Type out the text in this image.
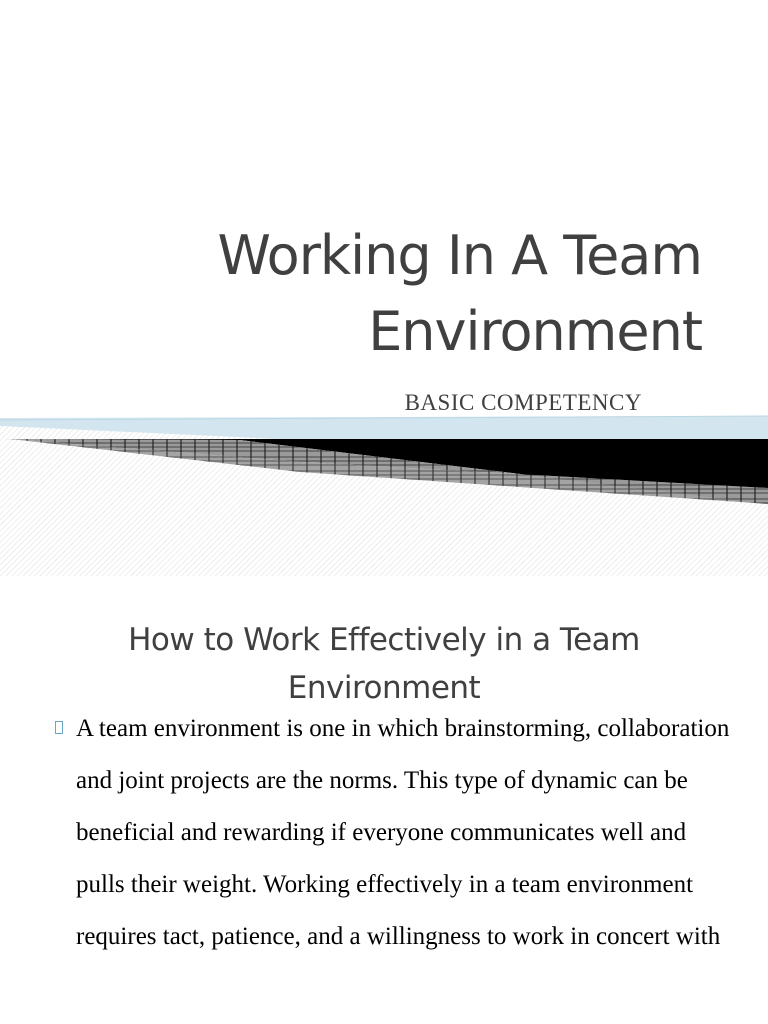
Working In A Team
Environment
BASIC COMPETENCY
How to Work Effectively in a Team
Environment

A team environment is one in which brainstorming, collaboration and joint projects are the norms. This type of dynamic can be beneficial and rewarding if everyone communicates well and pulls their weight. Working effectively in a team environment requires tact, patience, and a willingness to work in concert with
